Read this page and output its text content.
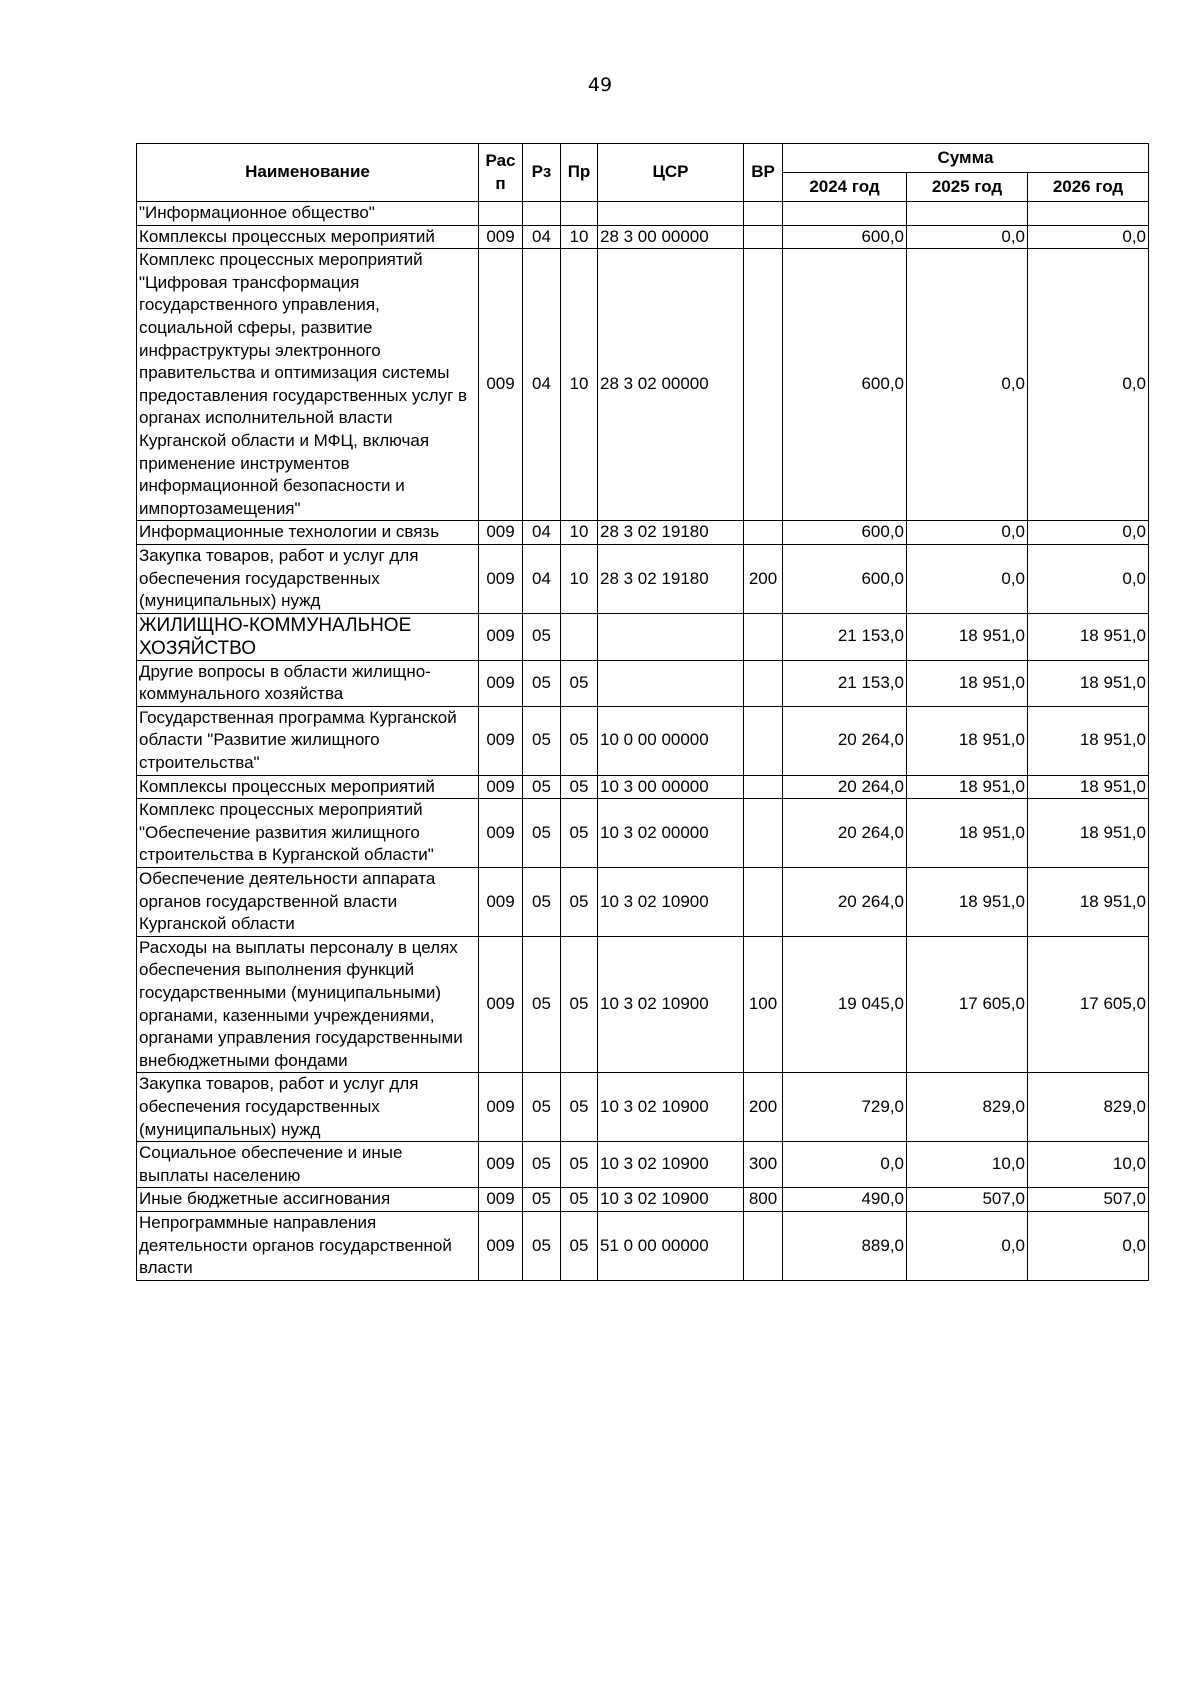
49
Наименование	Рас п	Рз	Пр	ЦСР	ВР	Сумма		
						2024 год	2025 год	2026 год
"Информационное общество"								
Комплексы процессных мероприятий	009	04	10	28 3 00 00000		600,0	0,0	0,0
Комплекс процессных мероприятий "Цифровая трансформация государственного управления, социальной сферы, развитие инфраструктуры электронного правительства и оптимизация системы предоставления государственных услуг в органах исполнительной власти Курганской области и МФЦ, включая применение инструментов информационной безопасности и импортозамещения"	009	04	10	28 3 02 00000		600,0	0,0	0,0
Информационные технологии и связь	009	04	10	28 3 02 19180		600,0	0,0	0,0
Закупка товаров, работ и услуг для обеспечения государственных (муниципальных) нужд	009	04	10	28 3 02 19180	200	600,0	0,0	0,0
ЖИЛИЩНО-КОММУНАЛЬНОЕ ХОЗЯЙСТВО	009	05				21 153,0	18 951,0	18 951,0
Другие вопросы в области жилищно-коммунального хозяйства	009	05	05			21 153,0	18 951,0	18 951,0
Государственная программа Курганской области "Развитие жилищного строительства"	009	05	05	10 0 00 00000		20 264,0	18 951,0	18 951,0
Комплексы процессных мероприятий	009	05	05	10 3 00 00000		20 264,0	18 951,0	18 951,0
Комплекс процессных мероприятий "Обеспечение развития жилищного строительства в Курганской области"	009	05	05	10 3 02 00000		20 264,0	18 951,0	18 951,0
Обеспечение деятельности аппарата органов государственной власти Курганской области	009	05	05	10 3 02 10900		20 264,0	18 951,0	18 951,0
Расходы на выплаты персоналу в целях обеспечения выполнения функций государственными (муниципальными) органами, казенными учреждениями, органами управления государственными внебюджетными фондами	009	05	05	10 3 02 10900	100	19 045,0	17 605,0	17 605,0
Закупка товаров, работ и услуг для обеспечения государственных (муниципальных) нужд	009	05	05	10 3 02 10900	200	729,0	829,0	829,0
Социальное обеспечение и иные выплаты населению	009	05	05	10 3 02 10900	300	0,0	10,0	10,0
Иные бюджетные ассигнования	009	05	05	10 3 02 10900	800	490,0	507,0	507,0
Непрограммные направления деятельности органов государственной власти	009	05	05	51 0 00 00000		889,0	0,0	0,0
